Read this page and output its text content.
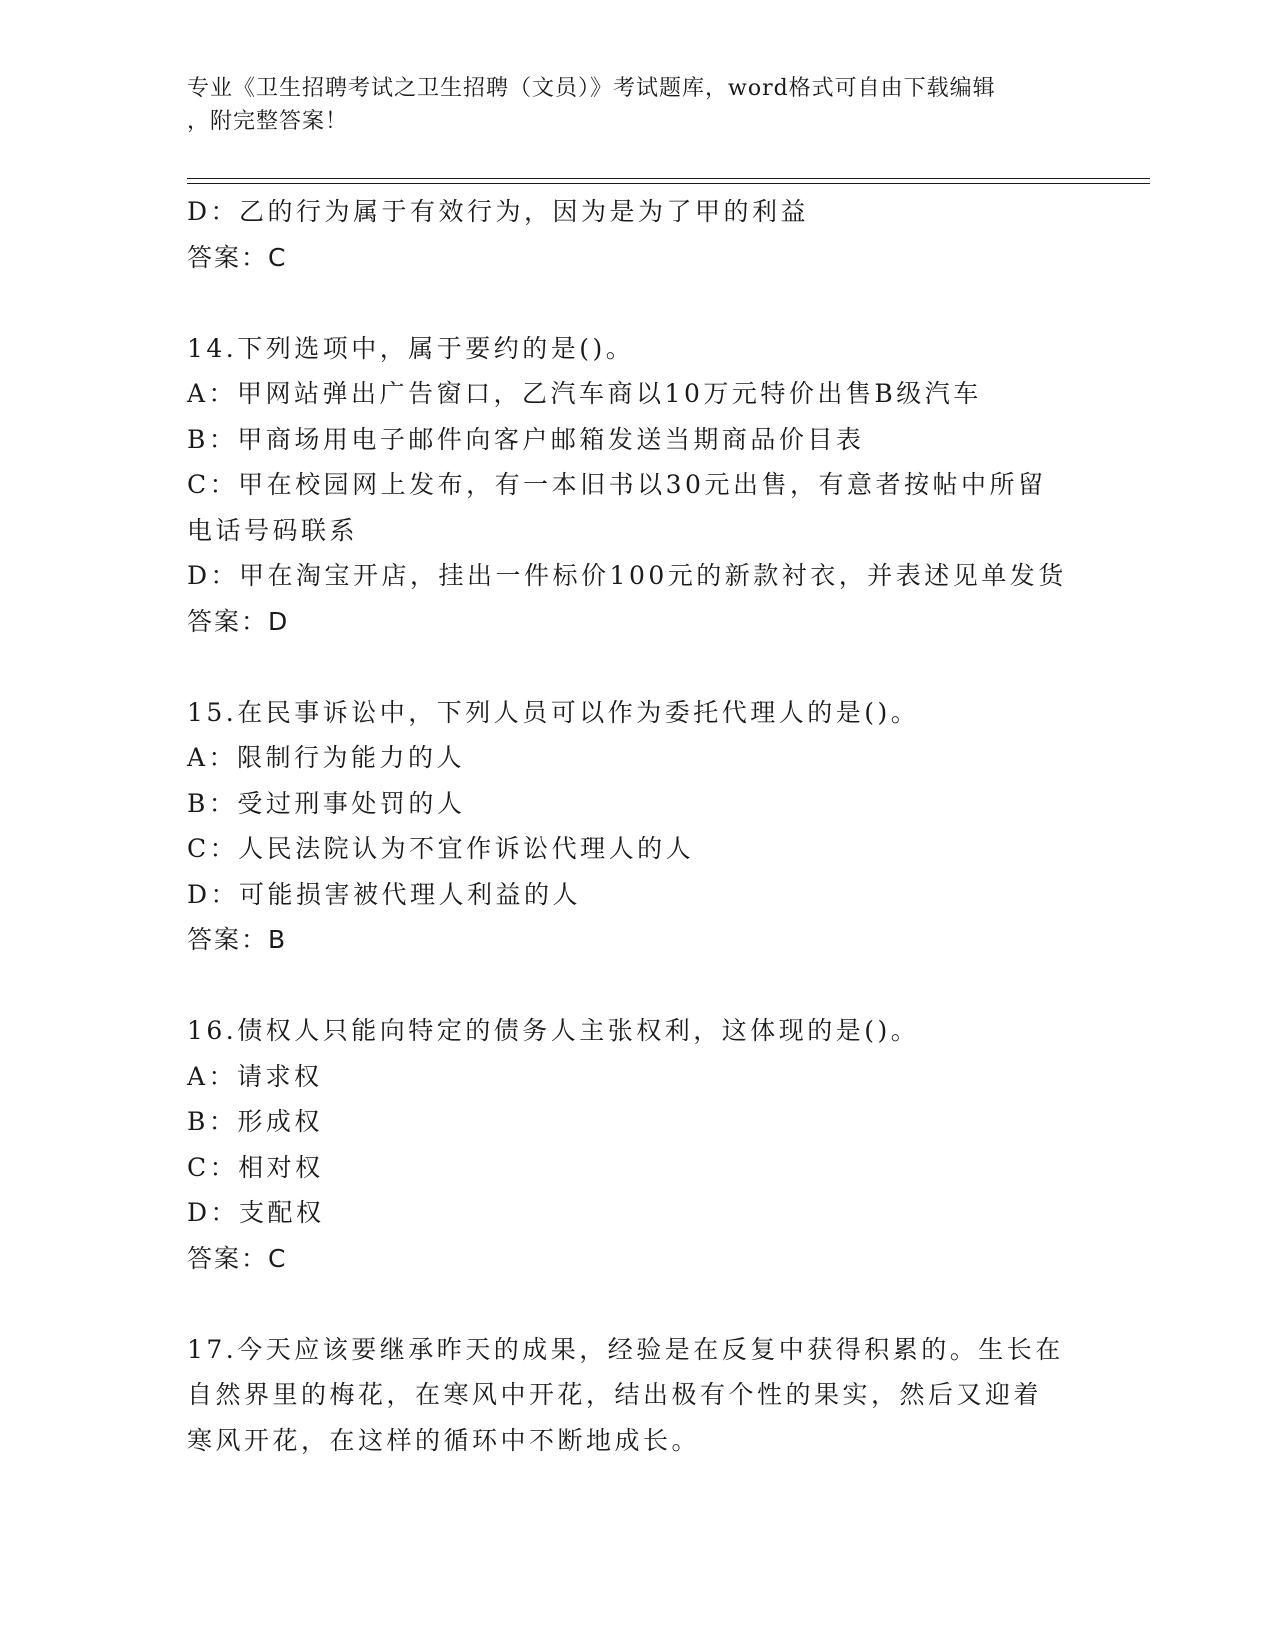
专业《卫生招聘考试之卫生招聘（文员）》考试题库，word格式可自由下载编辑
，附完整答案！
D：乙的行为属于有效行为，因为是为了甲的利益
答案：C
14.下列选项中，属于要约的是()。
A：甲网站弹出广告窗口，乙汽车商以10万元特价出售B级汽车
B：甲商场用电子邮件向客户邮箱发送当期商品价目表
C：甲在校园网上发布，有一本旧书以30元出售，有意者按帖中所留
电话号码联系
D：甲在淘宝开店，挂出一件标价100元的新款衬衣，并表述见单发货
答案：D
15.在民事诉讼中，下列人员可以作为委托代理人的是()。
A：限制行为能力的人
B：受过刑事处罚的人
C：人民法院认为不宜作诉讼代理人的人
D：可能损害被代理人利益的人
答案：B
16.债权人只能向特定的债务人主张权利，这体现的是()。
A：请求权
B：形成权
C：相对权
D：支配权
答案：C
17.今天应该要继承昨天的成果，经验是在反复中获得积累的。生长在
自然界里的梅花，在寒风中开花，结出极有个性的果实，然后又迎着
寒风开花，在这样的循环中不断地成长。
